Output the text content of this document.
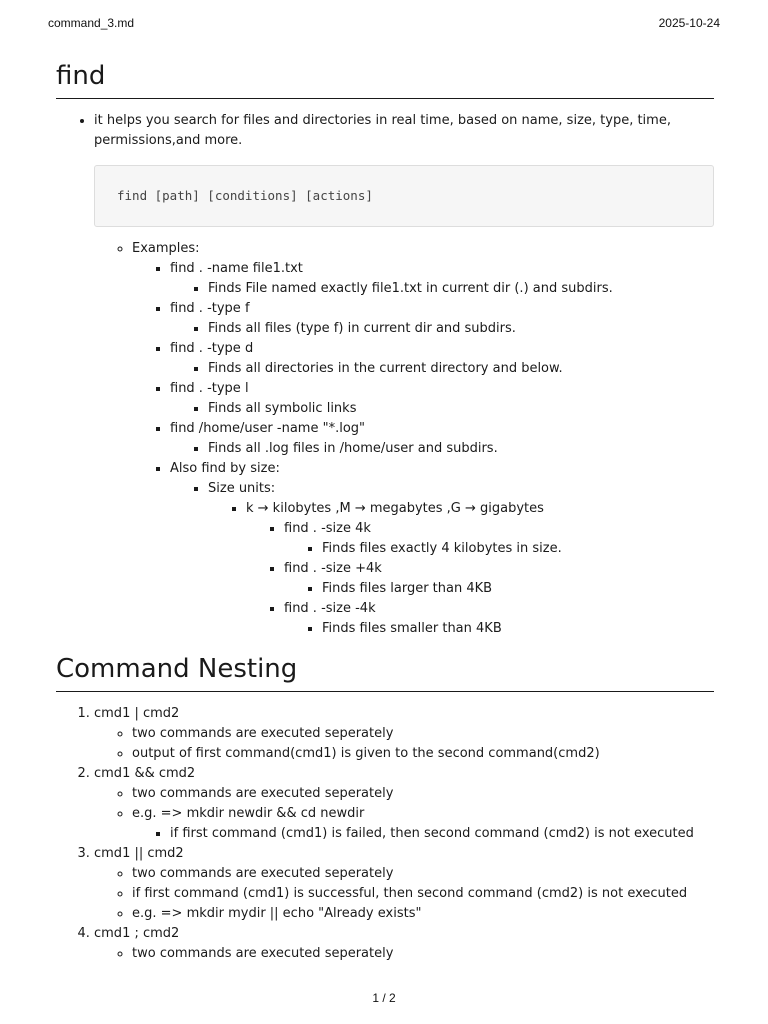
command_3.md	2025-10-24
find
• it helps you search for files and directories in real time, based on name, size, type, time, permissions,and more.
find [path] [conditions] [actions]
◦ Examples:
▪ find . -name file1.txt
▪ Finds File named exactly file1.txt in current dir (.) and subdirs.
▪ find . -type f
▪ Finds all files (type f) in current dir and subdirs.
▪ find . -type d
▪ Finds all directories in the current directory and below.
▪ find . -type l
▪ Finds all symbolic links
▪ find /home/user -name "*.log"
▪ Finds all .log files in /home/user and subdirs.
▪ Also find by size:
▪ Size units:
▪ k → kilobytes ,M → megabytes ,G → gigabytes
▪ find . -size 4k
▪ Finds files exactly 4 kilobytes in size.
▪ find . -size +4k
▪ Finds files larger than 4KB
▪ find . -size -4k
▪ Finds files smaller than 4KB
Command Nesting
1. cmd1 | cmd2
◦ two commands are executed seperately
◦ output of first command(cmd1) is given to the second command(cmd2)
2. cmd1 && cmd2
◦ two commands are executed seperately
◦ e.g. => mkdir newdir && cd newdir
▪ if first command (cmd1) is failed, then second command (cmd2) is not executed
3. cmd1 || cmd2
◦ two commands are executed seperately
◦ if first command (cmd1) is successful, then second command (cmd2) is not executed
◦ e.g. => mkdir mydir || echo "Already exists"
4. cmd1 ; cmd2
◦ two commands are executed seperately
1 / 2
